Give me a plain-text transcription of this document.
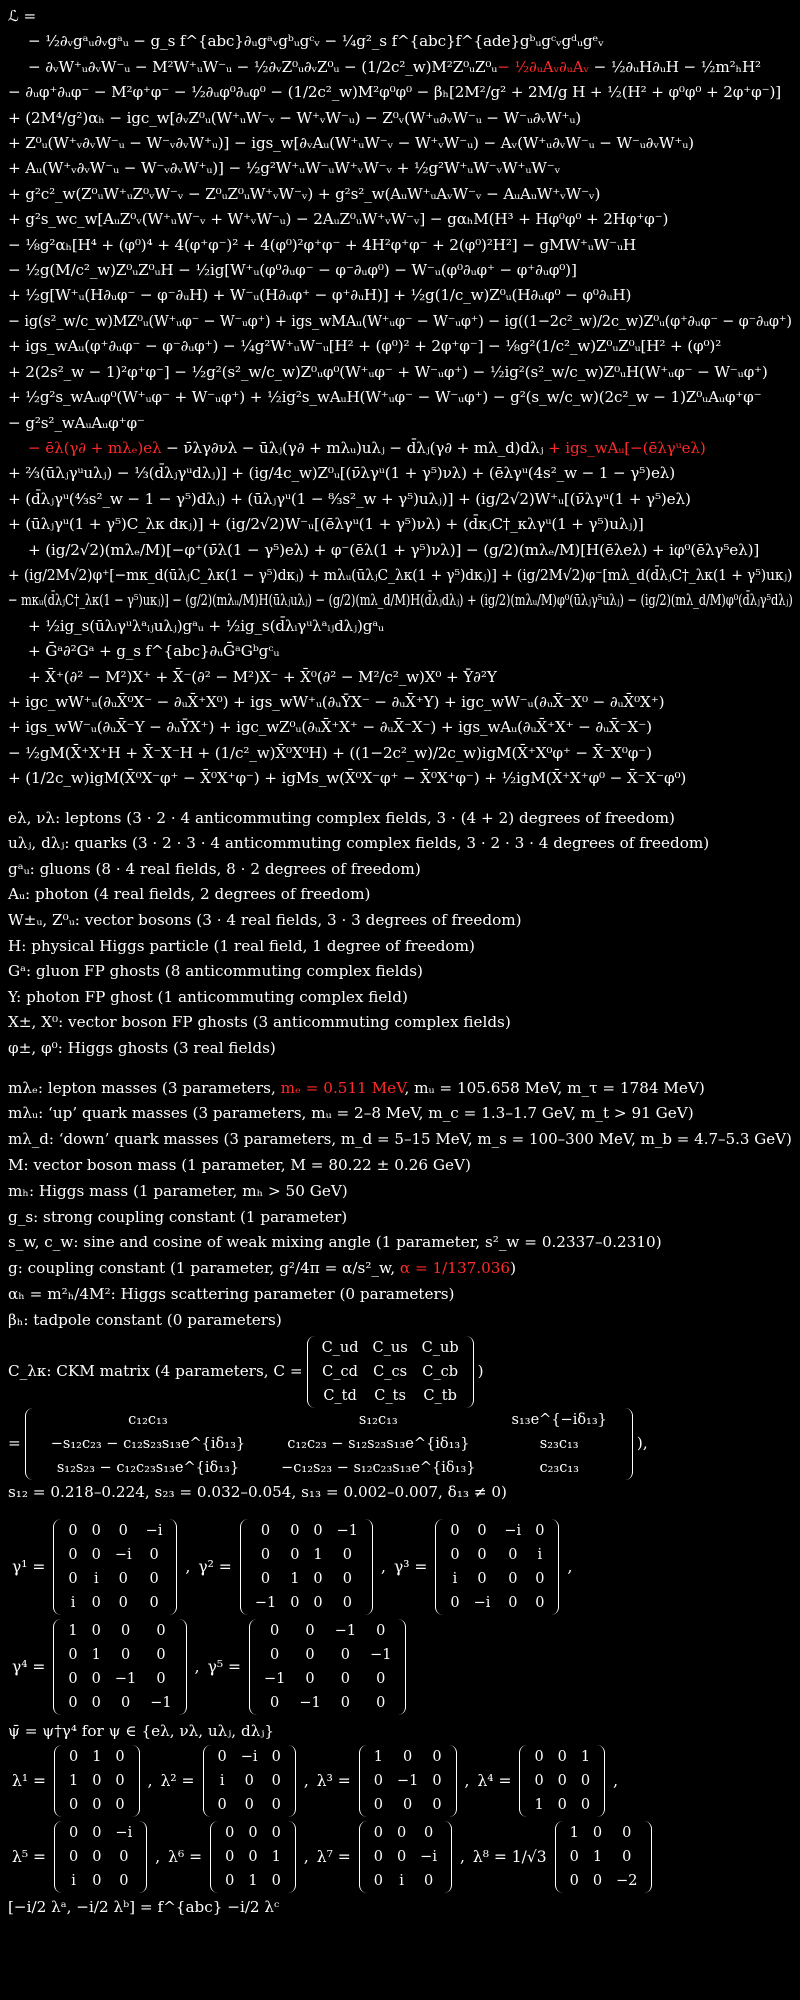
ℒ =
− ½∂ᵥgᵃᵤ∂ᵥgᵃᵤ − g_s f^{abc}∂ᵤgᵃᵥgᵇᵤgᶜᵥ − ¼g²_s f^{abc}f^{ade}gᵇᵤgᶜᵥgᵈᵤgᵉᵥ
− ∂ᵥW⁺ᵤ∂ᵥW⁻ᵤ − M²W⁺ᵤW⁻ᵤ − ½∂ᵥZ⁰ᵤ∂ᵥZ⁰ᵤ − (1/2c²_w)M²Z⁰ᵤZ⁰ᵤ− ½∂ᵤAᵥ∂ᵤAᵥ − ½∂ᵤH∂ᵤH − ½m²ₕH²
− ∂ᵤφ⁺∂ᵤφ⁻ − M²φ⁺φ⁻ − ½∂ᵤφ⁰∂ᵤφ⁰ − (1/2c²_w)M²φ⁰φ⁰ − βₕ[2M²/g² + 2M/g H + ½(H² + φ⁰φ⁰ + 2φ⁺φ⁻)]
+ (2M⁴/g²)αₕ − igc_w[∂ᵥZ⁰ᵤ(W⁺ᵤW⁻ᵥ − W⁺ᵥW⁻ᵤ) − Z⁰ᵥ(W⁺ᵤ∂ᵥW⁻ᵤ − W⁻ᵤ∂ᵥW⁺ᵤ)
+ Z⁰ᵤ(W⁺ᵥ∂ᵥW⁻ᵤ − W⁻ᵥ∂ᵥW⁺ᵤ)] − igs_w[∂ᵥAᵤ(W⁺ᵤW⁻ᵥ − W⁺ᵥW⁻ᵤ) − Aᵥ(W⁺ᵤ∂ᵥW⁻ᵤ − W⁻ᵤ∂ᵥW⁺ᵤ)
+ Aᵤ(W⁺ᵥ∂ᵥW⁻ᵤ − W⁻ᵥ∂ᵥW⁺ᵤ)] − ½g²W⁺ᵤW⁻ᵤW⁺ᵥW⁻ᵥ + ½g²W⁺ᵤW⁻ᵥW⁺ᵤW⁻ᵥ
+ g²c²_w(Z⁰ᵤW⁺ᵤZ⁰ᵥW⁻ᵥ − Z⁰ᵤZ⁰ᵤW⁺ᵥW⁻ᵥ) + g²s²_w(AᵤW⁺ᵤAᵥW⁻ᵥ − AᵤAᵤW⁺ᵥW⁻ᵥ)
+ g²s_wc_w[AᵤZ⁰ᵥ(W⁺ᵤW⁻ᵥ + W⁺ᵥW⁻ᵤ) − 2AᵤZ⁰ᵤW⁺ᵥW⁻ᵥ] − gαₕM(H³ + Hφ⁰φ⁰ + 2Hφ⁺φ⁻)
− ⅛g²αₕ[H⁴ + (φ⁰)⁴ + 4(φ⁺φ⁻)² + 4(φ⁰)²φ⁺φ⁻ + 4H²φ⁺φ⁻ + 2(φ⁰)²H²] − gMW⁺ᵤW⁻ᵤH
− ½g(M/c²_w)Z⁰ᵤZ⁰ᵤH − ½ig[W⁺ᵤ(φ⁰∂ᵤφ⁻ − φ⁻∂ᵤφ⁰) − W⁻ᵤ(φ⁰∂ᵤφ⁺ − φ⁺∂ᵤφ⁰)]
+ ½g[W⁺ᵤ(H∂ᵤφ⁻ − φ⁻∂ᵤH) + W⁻ᵤ(H∂ᵤφ⁺ − φ⁺∂ᵤH)] + ½g(1/c_w)Z⁰ᵤ(H∂ᵤφ⁰ − φ⁰∂ᵤH)
− ig(s²_w/c_w)MZ⁰ᵤ(W⁺ᵤφ⁻ − W⁻ᵤφ⁺) + igs_wMAᵤ(W⁺ᵤφ⁻ − W⁻ᵤφ⁺) − ig((1−2c²_w)/2c_w)Z⁰ᵤ(φ⁺∂ᵤφ⁻ − φ⁻∂ᵤφ⁺)
+ igs_wAᵤ(φ⁺∂ᵤφ⁻ − φ⁻∂ᵤφ⁺) − ¼g²W⁺ᵤW⁻ᵤ[H² + (φ⁰)² + 2φ⁺φ⁻] − ⅛g²(1/c²_w)Z⁰ᵤZ⁰ᵤ[H² + (φ⁰)²
+ 2(2s²_w − 1)²φ⁺φ⁻] − ½g²(s²_w/c_w)Z⁰ᵤφ⁰(W⁺ᵤφ⁻ + W⁻ᵤφ⁺) − ½ig²(s²_w/c_w)Z⁰ᵤH(W⁺ᵤφ⁻ − W⁻ᵤφ⁺)
+ ½g²s_wAᵤφ⁰(W⁺ᵤφ⁻ + W⁻ᵤφ⁺) + ½ig²s_wAᵤH(W⁺ᵤφ⁻ − W⁻ᵤφ⁺) − g²(s_w/c_w)(2c²_w − 1)Z⁰ᵤAᵤφ⁺φ⁻
− g²s²_wAᵤAᵤφ⁺φ⁻
− ēλ(γ∂ + mλₑ)eλ − ν̄λγ∂νλ − ūλⱼ(γ∂ + mλᵤ)uλⱼ − d̄λⱼ(γ∂ + mλ_d)dλⱼ + igs_wAᵤ[−(ēλγᵘeλ)
+ ⅔(ūλⱼγᵘuλⱼ) − ⅓(d̄λⱼγᵘdλⱼ)] + (ig/4c_w)Z⁰ᵤ[(ν̄λγᵘ(1 + γ⁵)νλ) + (ēλγᵘ(4s²_w − 1 − γ⁵)eλ)
+ (d̄λⱼγᵘ(⁴⁄₃s²_w − 1 − γ⁵)dλⱼ) + (ūλⱼγᵘ(1 − ⁸⁄₃s²_w + γ⁵)uλⱼ)] + (ig/2√2)W⁺ᵤ[(ν̄λγᵘ(1 + γ⁵)eλ)
+ (ūλⱼγᵘ(1 + γ⁵)C_λκ dκⱼ)] + (ig/2√2)W⁻ᵤ[(ēλγᵘ(1 + γ⁵)νλ) + (d̄κⱼC†_κλγᵘ(1 + γ⁵)uλⱼ)]
+ (ig/2√2)(mλₑ/M)[−φ⁺(ν̄λ(1 − γ⁵)eλ) + φ⁻(ēλ(1 + γ⁵)νλ)] − (g/2)(mλₑ/M)[H(ēλeλ) + iφ⁰(ēλγ⁵eλ)]
+ (ig/2M√2)φ⁺[−mκ_d(ūλⱼC_λκ(1 − γ⁵)dκⱼ) + mλᵤ(ūλⱼC_λκ(1 + γ⁵)dκⱼ)] + (ig/2M√2)φ⁻[mλ_d(d̄λⱼC†_λκ(1 + γ⁵)uκⱼ)
− mκᵤ(d̄λⱼC†_λκ(1 − γ⁵)uκⱼ)] − (g/2)(mλᵤ/M)H(ūλⱼuλⱼ) − (g/2)(mλ_d/M)H(d̄λⱼdλⱼ) + (ig/2)(mλᵤ/M)φ⁰(ūλⱼγ⁵uλⱼ) − (ig/2)(mλ_d/M)φ⁰(d̄λⱼγ⁵dλⱼ)
+ ½ig_s(ūλᵢγᵘλᵃᵢⱼuλⱼ)gᵃᵤ + ½ig_s(d̄λᵢγᵘλᵃᵢⱼdλⱼ)gᵃᵤ
+ Ḡᵃ∂²Gᵃ + g_s f^{abc}∂ᵤḠᵃGᵇgᶜᵤ
+ X̄⁺(∂² − M²)X⁺ + X̄⁻(∂² − M²)X⁻ + X̄⁰(∂² − M²/c²_w)X⁰ + Ȳ∂²Y
+ igc_wW⁺ᵤ(∂ᵤX̄⁰X⁻ − ∂ᵤX̄⁺X⁰) + igs_wW⁺ᵤ(∂ᵤȲX⁻ − ∂ᵤX̄⁺Y) + igc_wW⁻ᵤ(∂ᵤX̄⁻X⁰ − ∂ᵤX̄⁰X⁺)
+ igs_wW⁻ᵤ(∂ᵤX̄⁻Y − ∂ᵤȲX⁺) + igc_wZ⁰ᵤ(∂ᵤX̄⁺X⁺ − ∂ᵤX̄⁻X⁻) + igs_wAᵤ(∂ᵤX̄⁺X⁺ − ∂ᵤX̄⁻X⁻)
− ½gM(X̄⁺X⁺H + X̄⁻X⁻H + (1/c²_w)X̄⁰X⁰H) + ((1−2c²_w)/2c_w)igM(X̄⁺X⁰φ⁺ − X̄⁻X⁰φ⁻)
+ (1/2c_w)igM(X̄⁰X⁻φ⁺ − X̄⁰X⁺φ⁻) + igMs_w(X̄⁰X⁻φ⁺ − X̄⁰X⁺φ⁻) + ½igM(X̄⁺X⁺φ⁰ − X̄⁻X⁻φ⁰)
eλ, νλ: leptons (3 · 2 · 4 anticommuting complex fields, 3 · (4 + 2) degrees of freedom)
uλⱼ, dλⱼ: quarks (3 · 2 · 3 · 4 anticommuting complex fields, 3 · 2 · 3 · 4 degrees of freedom)
gᵃᵤ: gluons (8 · 4 real fields, 8 · 2 degrees of freedom)
Aᵤ: photon (4 real fields, 2 degrees of freedom)
W±ᵤ, Z⁰ᵤ: vector bosons (3 · 4 real fields, 3 · 3 degrees of freedom)
H: physical Higgs particle (1 real field, 1 degree of freedom)
Gᵃ: gluon FP ghosts (8 anticommuting complex fields)
Y: photon FP ghost (1 anticommuting complex field)
X±, X⁰: vector boson FP ghosts (3 anticommuting complex fields)
φ±, φ⁰: Higgs ghosts (3 real fields)
mλₑ: lepton masses (3 parameters, mₑ = 0.511 MeV, mᵤ = 105.658 MeV, m_τ = 1784 MeV)
mλᵤ: ‘up’ quark masses (3 parameters, mᵤ = 2–8 MeV, m_c = 1.3–1.7 GeV, m_t > 91 GeV)
mλ_d: ‘down’ quark masses (3 parameters, m_d = 5–15 MeV, m_s = 100–300 MeV, m_b = 4.7–5.3 GeV)
M: vector boson mass (1 parameter, M = 80.22 ± 0.26 GeV)
mₕ: Higgs mass (1 parameter, mₕ > 50 GeV)
g_s: strong coupling constant (1 parameter)
s_w, c_w: sine and cosine of weak mixing angle (1 parameter, s²_w = 0.2337–0.2310)
g: coupling constant (1 parameter, g²/4π = α/s²_w, α = 1/137.036)
αₕ = m²ₕ/4M²: Higgs scattering parameter (0 parameters)
βₕ: tadpole constant (0 parameters)
C_λκ: CKM matrix (4 parameters, C =
C_ud	C_us	C_ub
C_cd	C_cs	C_cb
C_td	C_ts	C_tb
)
=
c₁₂c₁₃	s₁₂c₁₃	s₁₃e^{−iδ₁₃}
−s₁₂c₂₃ − c₁₂s₂₃s₁₃e^{iδ₁₃}	c₁₂c₂₃ − s₁₂s₂₃s₁₃e^{iδ₁₃}	s₂₃c₁₃
s₁₂s₂₃ − c₁₂c₂₃s₁₃e^{iδ₁₃}	−c₁₂s₂₃ − s₁₂c₂₃s₁₃e^{iδ₁₃}	c₂₃c₁₃
),
s₁₂ = 0.218–0.224, s₂₃ = 0.032–0.054, s₁₃ = 0.002–0.007, δ₁₃ ≠ 0)
γ¹ =
0	0	0	−i
0	0	−i	0
0	i	0	0
i	0	0	0
, γ² =
0	0	0	−1
0	0	1	0
0	1	0	0
−1	0	0	0
, γ³ =
0	0	−i	0
0	0	0	i
i	0	0	0
0	−i	0	0
,
γ⁴ =
1	0	0	0
0	1	0	0
0	0	−1	0
0	0	0	−1
, γ⁵ =
0	0	−1	0
0	0	0	−1
−1	0	0	0
0	−1	0	0
ψ̄ = ψ†γ⁴ for ψ ∈ {eλ, νλ, uλⱼ, dλⱼ}
λ¹ =
0	1	0
1	0	0
0	0	0
, λ² =
0	−i	0
i	0	0
0	0	0
, λ³ =
1	0	0
0	−1	0
0	0	0
, λ⁴ =
0	0	1
0	0	0
1	0	0
,
λ⁵ =
0	0	−i
0	0	0
i	0	0
, λ⁶ =
0	0	0
0	0	1
0	1	0
, λ⁷ =
0	0	0
0	0	−i
0	i	0
, λ⁸ = 1/√3
1	0	0
0	1	0
0	0	−2
[−i/2 λᵃ, −i/2 λᵇ] = f^{abc} −i/2 λᶜ
